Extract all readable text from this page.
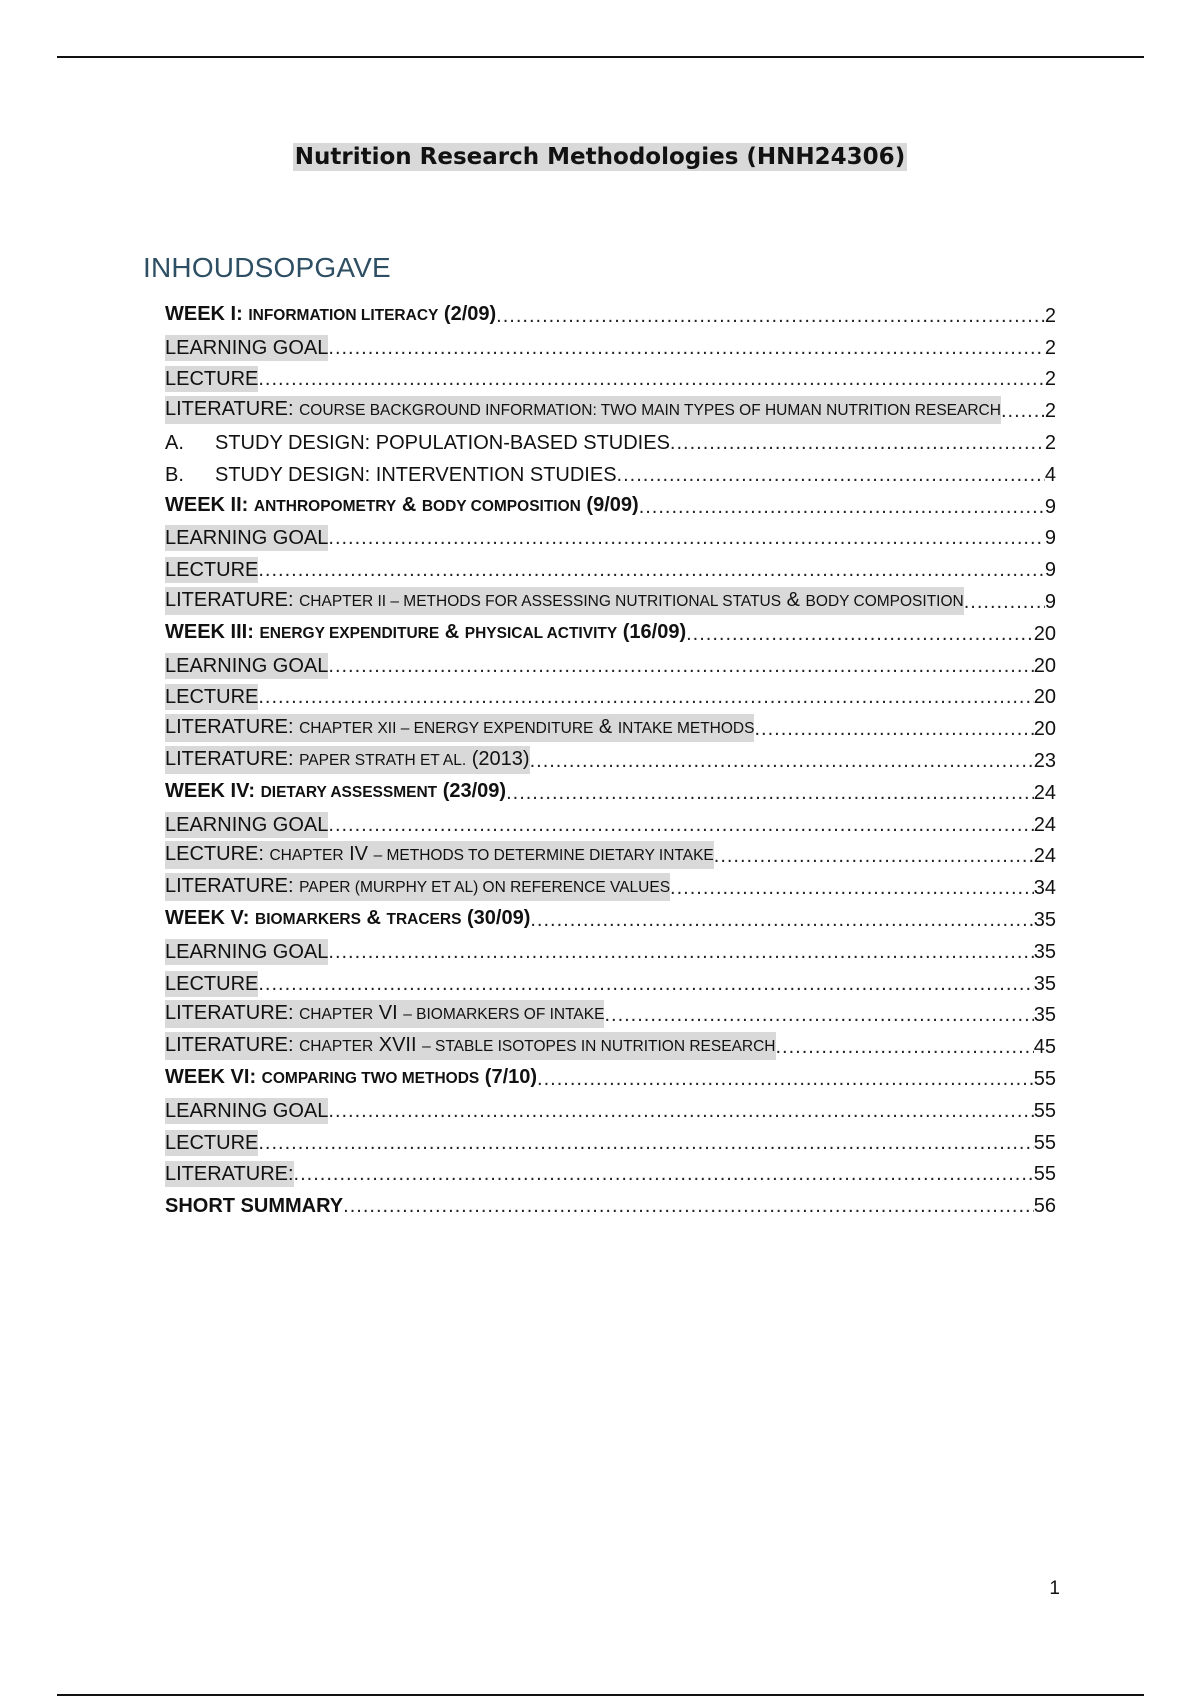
Nutrition Research Methodologies (HNH24306)
INHOUDSOPGAVE
WEEK I: INFORMATION LITERACY (2/09) .....	2
LEARNING GOAL .....	2
LECTURE .....	2
LITERATURE: COURSE BACKGROUND INFORMATION: TWO MAIN TYPES OF HUMAN NUTRITION RESEARCH ..... 2
A. STUDY DESIGN: POPULATION-BASED STUDIES .....	2
B. STUDY DESIGN: INTERVENTION STUDIES .....	4
WEEK II: ANTHROPOMETRY & BODY COMPOSITION (9/09) .....	9
LEARNING GOAL .....	9
LECTURE .....	9
LITERATURE: CHAPTER II – METHODS FOR ASSESSING NUTRITIONAL STATUS & BODY COMPOSITION .....	9
WEEK III: ENERGY EXPENDITURE & PHYSICAL ACTIVITY (16/09) .....	20
LEARNING GOAL .....	20
LECTURE .....	20
LITERATURE: CHAPTER XII – ENERGY EXPENDITURE & INTAKE METHODS .....	20
LITERATURE: PAPER STRATH ET AL. (2013) .....	23
WEEK IV: DIETARY ASSESSMENT (23/09) .....	24
LEARNING GOAL .....	24
LECTURE: CHAPTER IV – METHODS TO DETERMINE DIETARY INTAKE .....	24
LITERATURE: PAPER (MURPHY ET AL) ON REFERENCE VALUES .....	34
WEEK V: BIOMARKERS & TRACERS (30/09) .....	35
LEARNING GOAL .....	35
LECTURE .....	35
LITERATURE: CHAPTER VI – BIOMARKERS OF INTAKE .....	35
LITERATURE: CHAPTER XVII – STABLE ISOTOPES IN NUTRITION RESEARCH .....	45
WEEK VI: COMPARING TWO METHODS (7/10) .....	55
LEARNING GOAL .....	55
LECTURE .....	55
LITERATURE: .....	55
SHORT SUMMARY .....	56
1
